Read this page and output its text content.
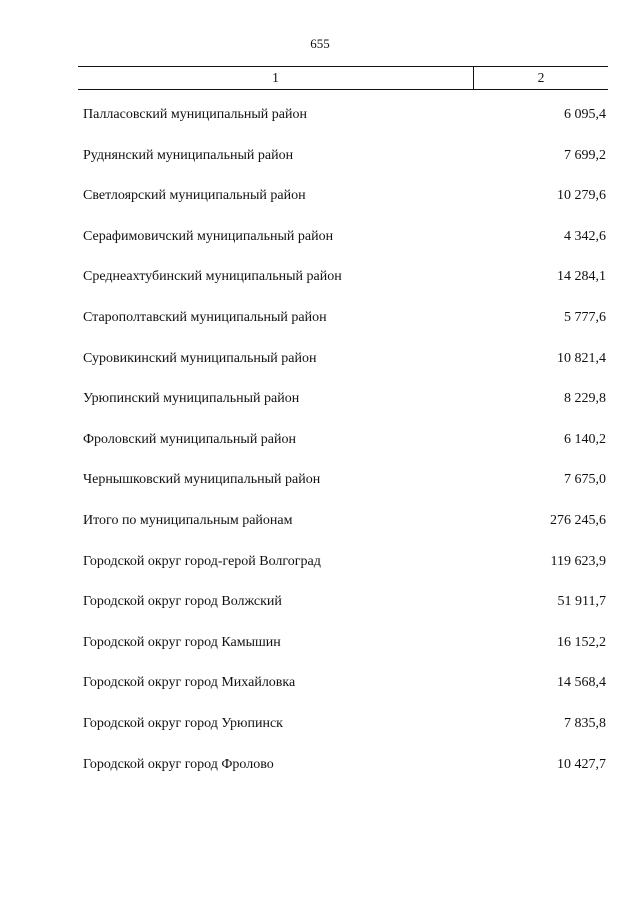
655
1	2
Палласовский муниципальный район	6 095,4
Руднянский муниципальный район	7 699,2
Светлоярский муниципальный район	10 279,6
Серафимовичский муниципальный район	4 342,6
Среднеахтубинский муниципальный район	14 284,1
Старополтавский муниципальный район	5 777,6
Суровикинский муниципальный район	10 821,4
Урюпинский муниципальный район	8 229,8
Фроловский муниципальный район	6 140,2
Чернышковский муниципальный район	7 675,0
Итого по муниципальным районам	276 245,6
Городской округ город-герой Волгоград	119 623,9
Городской округ город Волжский	51 911,7
Городской округ город Камышин	16 152,2
Городской округ город Михайловка	14 568,4
Городской округ город Урюпинск	7 835,8
Городской округ город Фролово	10 427,7
